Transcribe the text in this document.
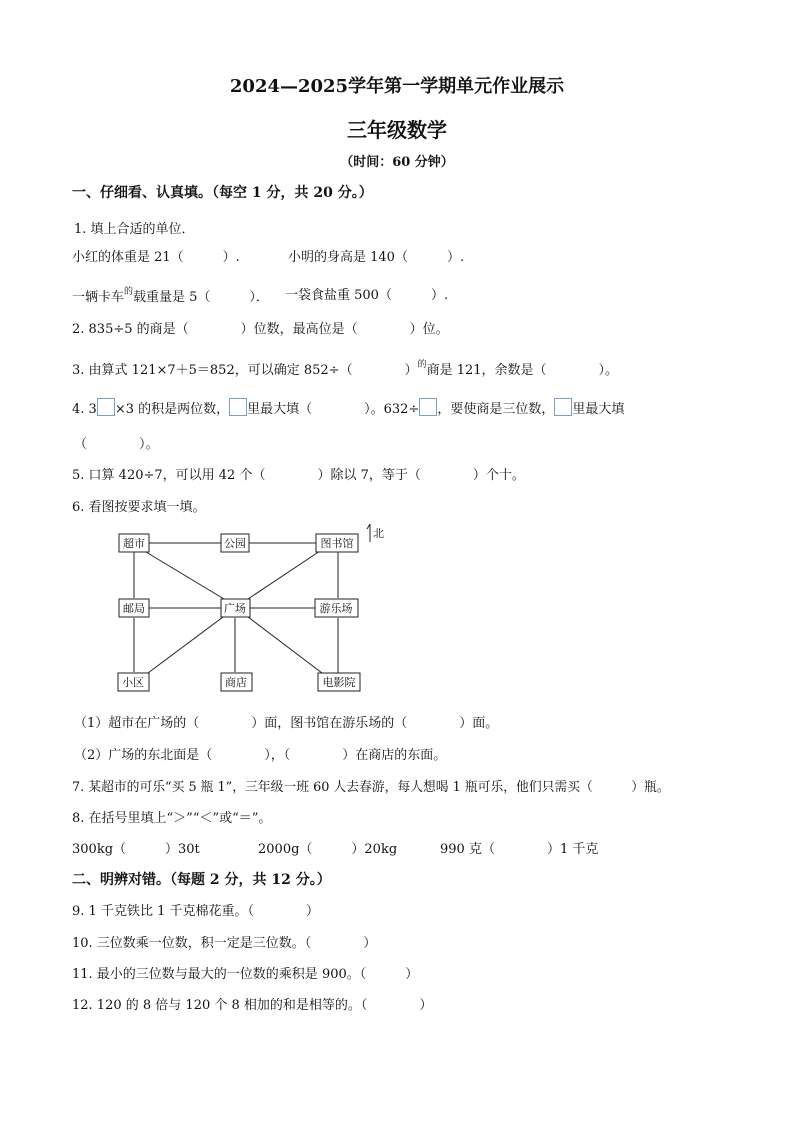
2024—2025学年第一学期单元作业展示
三年级数学
（时间：60 分钟）
一、仔细看、认真填。（每空 1 分，共 20 分。）
1. 填上合适的单位．
小红的体重是 21（　　　）.	小明的身高是 140（　　　）.
一辆卡车$^的$载重量是 5（　　　）． 一袋食盐重 500（　　　）.
2. 835÷5 的商是（　　　　）位数，最高位是（　　　　）位。
3. 由算式 121×7＋5＝852，可以确定 852÷（　　　　）$^的$商是 121，余数是（　　　　）。
4. 3 ×3 的积是两位数， 里最大填（　　　　）。632÷ ，要使商是三位数， 里最大填
（　　　　）。
5. 口算 420÷7，可以用 42 个（　　　　）除以 7，等于（　　　　）个十。
6. 看图按要求填一填。
北
超市	公园	图书馆
邮局	广场	游乐场
小区	商店	电影院
（1）超市在广场的（　　　　）面，图书馆在游乐场的（　　　　）面。
（2）广场的东北面是（　　　　），（　　　　）在商店的东面。
7. 某超市的可乐“买 5 瓶 1”，三年级一班 60 人去春游，每人想喝 1 瓶可乐，他们只需买（　　　）瓶。
8. 在括号里填上“＞”“＜”或“＝”。
300kg（　　　）30t	2000g（　　　）20kg	990 克（　　　　）1 千克
二、明辨对错。（每题 2 分，共 12 分。）
9. 1 千克铁比 1 千克棉花重。（　　　　）
10. 三位数乘一位数，积一定是三位数。（　　　　）
11. 最小的三位数与最大的一位数的乘积是 900。（　　　）
12. 120 的 8 倍与 120 个 8 相加的和是相等的。（　　　　）
